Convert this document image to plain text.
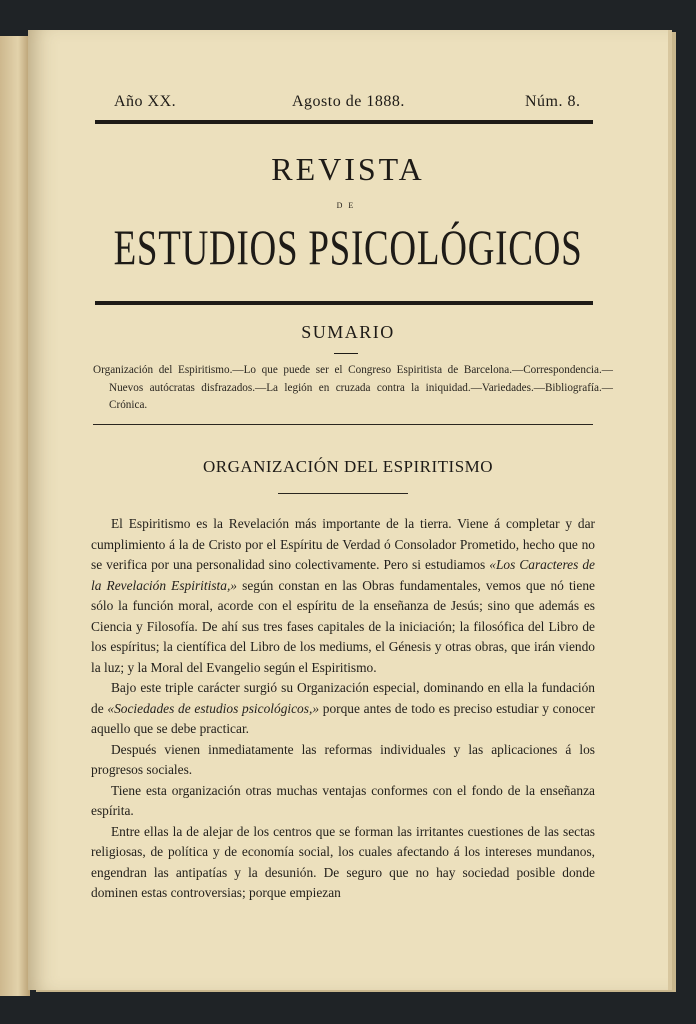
Año XX.	Agosto de 1888.	Núm. 8.
REVISTA
DE
ESTUDIOS PSICOLÓGICOS
SUMARIO
Organización del Espiritismo.—Lo que puede ser el Congreso Espiritista de Barcelona.—Correspondencia.—Nuevos autócratas disfrazados.—La legión en cruzada contra la iniquidad.—Variedades.—Bibliografía.—Crónica.
ORGANIZACIÓN DEL ESPIRITISMO

El Espiritismo es la Revelación más importante de la tierra. Viene á completar y dar cumplimiento á la de Cristo por el Espíritu de Verdad ó Consolador Prometido, hecho que no se verifica por una personalidad sino colectivamente. Pero si estudiamos «Los Caracteres de la Revelación Espiritista,» según constan en las Obras fundamentales, vemos que nó tiene sólo la función moral, acorde con el espíritu de la enseñanza de Jesús; sino que además es Ciencia y Filosofía. De ahí sus tres fases capitales de la iniciación; la filosófica del Libro de los espíritus; la científica del Libro de los mediums, el Génesis y otras obras, que irán viendo la luz; y la Moral del Evangelio según el Espiritismo.

Bajo este triple carácter surgió su Organización especial, dominando en ella la fundación de «Sociedades de estudios psicológicos,» porque antes de todo es preciso estudiar y conocer aquello que se debe practicar.

Después vienen inmediatamente las reformas individuales y las aplicaciones á los progresos sociales.

Tiene esta organización otras muchas ventajas conformes con el fondo de la enseñanza espírita.

Entre ellas la de alejar de los centros que se forman las irritantes cuestiones de las sectas religiosas, de política y de economía social, los cuales afectando á los intereses mundanos, engendran las antipatías y la desunión. De seguro que no hay sociedad posible donde dominen estas controversias; porque empiezan
